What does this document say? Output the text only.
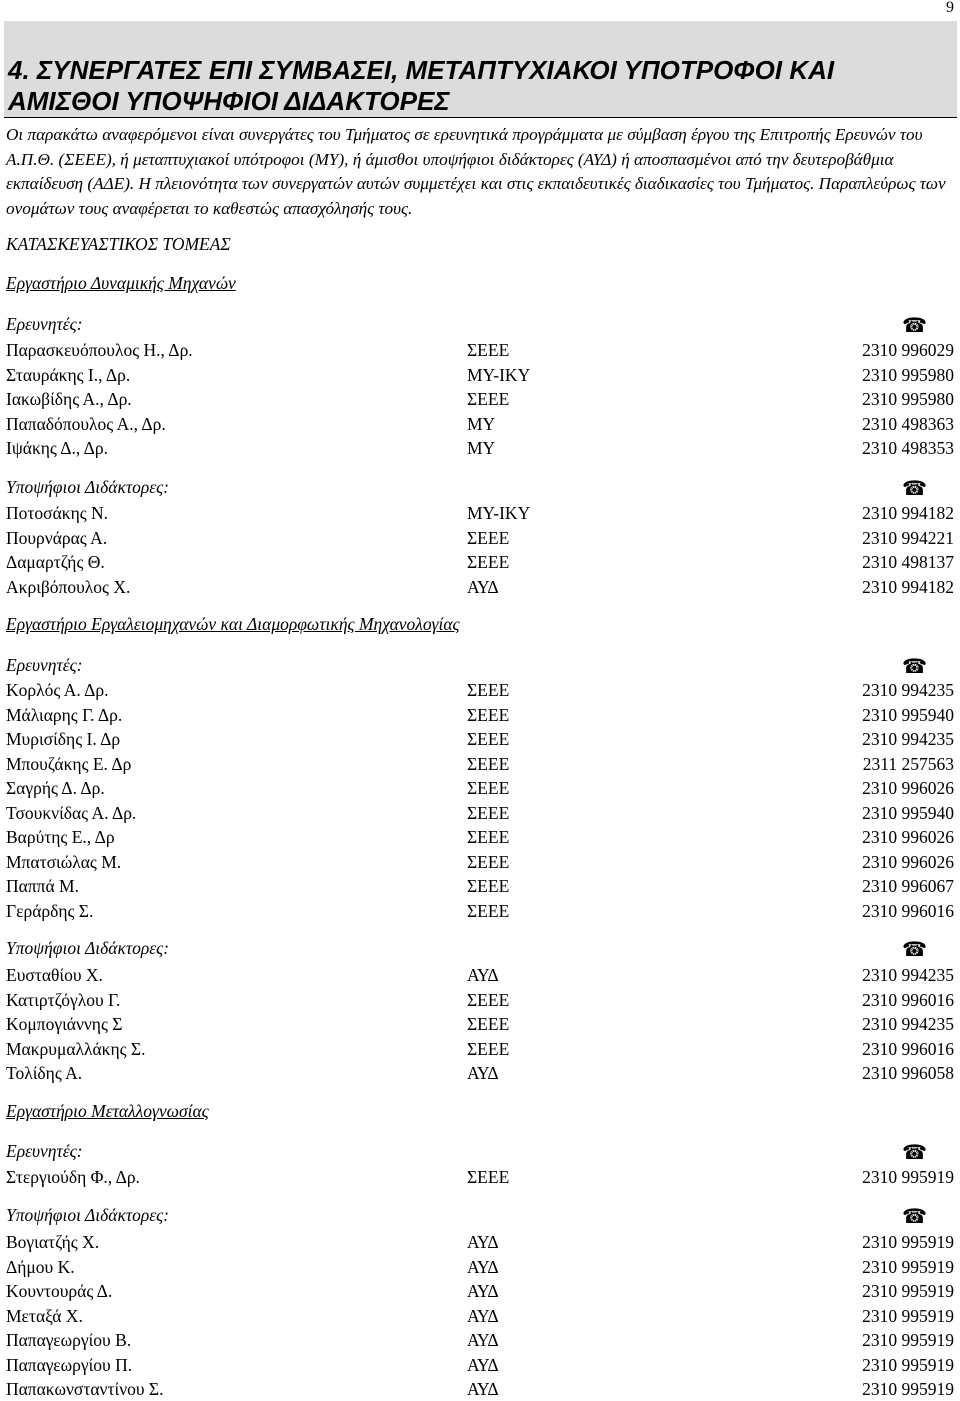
9
4. ΣΥΝΕΡΓΑΤΕΣ ΕΠΙ ΣΥΜΒΑΣΕΙ, ΜΕΤΑΠΤΥΧΙΑΚΟΙ ΥΠΟΤΡΟΦΟΙ ΚΑΙ ΑΜΙΣΘΟΙ ΥΠΟΨΗΦΙΟΙ ΔΙΔΑΚΤΟΡΕΣ

Οι παρακάτω αναφερόμενοι είναι συνεργάτες του Τμήματος σε ερευνητικά προγράμματα με σύμβαση έργου της Επιτροπής Ερευνών του Α.Π.Θ. (ΣΕΕΕ), ή μεταπτυχιακοί υπότροφοι (ΜΥ), ή άμισθοι υποψήφιοι διδάκτορες (ΑΥΔ) ή αποσπασμένοι από την δευτεροβάθμια εκπαίδευση (ΑΔΕ). Η πλειονότητα των συνεργατών αυτών συμμετέχει και στις εκπαιδευτικές διαδικασίες του Τμήματος. Παραπλεύρως των ονομάτων τους αναφέρεται το καθεστώς απασχόλησής τους.

ΚΑΤΑΣΚΕΥΑΣΤΙΚΟΣ ΤΟΜΕΑΣ

Εργαστήριο Δυναμικής Μηχανών
Ερευνητές:	☎
Παρασκευόπουλος Η., Δρ.	ΣΕΕΕ	2310 996029
Σταυράκης Ι., Δρ.	ΜΥ-ΙΚΥ	2310 995980
Ιακωβίδης Α., Δρ.	ΣΕΕΕ	2310 995980
Παπαδόπουλος Α., Δρ.	ΜΥ	2310 498363
Ιψάκης Δ., Δρ.	ΜΥ	2310 498353
Υποψήφιοι Διδάκτορες:	☎
Ποτοσάκης Ν.	ΜΥ-ΙΚΥ	2310 994182
Πουρνάρας Α.	ΣΕΕΕ	2310 994221
Δαμαρτζής Θ.	ΣΕΕΕ	2310 498137
Ακριβόπουλος Χ.	ΑΥΔ	2310 994182
Εργαστήριο Εργαλειομηχανών και Διαμορφωτικής Μηχανολογίας
Ερευνητές:	☎
Κορλός Α. Δρ.	ΣΕΕΕ	2310 994235
Μάλιαρης Γ. Δρ.	ΣΕΕΕ	2310 995940
Μυρισίδης Ι. Δρ	ΣΕΕΕ	2310 994235
Μπουζάκης Ε. Δρ	ΣΕΕΕ	2311 257563
Σαγρής Δ. Δρ.	ΣΕΕΕ	2310 996026
Τσουκνίδας Α. Δρ.	ΣΕΕΕ	2310 995940
Βαρύτης Ε., Δρ	ΣΕΕΕ	2310 996026
Μπατσιώλας Μ.	ΣΕΕΕ	2310 996026
Παππά Μ.	ΣΕΕΕ	2310 996067
Γεράρδης Σ.	ΣΕΕΕ	2310 996016
Υποψήφιοι Διδάκτορες:	☎
Ευσταθίου Χ.	ΑΥΔ	2310 994235
Κατιρτζόγλου Γ.	ΣΕΕΕ	2310 996016
Κομπογιάννης Σ	ΣΕΕΕ	2310 994235
Μακρυμαλλάκης Σ.	ΣΕΕΕ	2310 996016
Τολίδης Α.	ΑΥΔ	2310 996058
Εργαστήριο Μεταλλογνωσίας
Ερευνητές:	☎
Στεργιούδη Φ., Δρ.	ΣΕΕΕ	2310 995919
Υποψήφιοι Διδάκτορες:	☎
Βογιατζής Χ.	ΑΥΔ	2310 995919
Δήμου Κ.	ΑΥΔ	2310 995919
Κουντουράς Δ.	ΑΥΔ	2310 995919
Μεταξά Χ.	ΑΥΔ	2310 995919
Παπαγεωργίου Β.	ΑΥΔ	2310 995919
Παπαγεωργίου Π.	ΑΥΔ	2310 995919
Παπακωνσταντίνου Σ.	ΑΥΔ	2310 995919
